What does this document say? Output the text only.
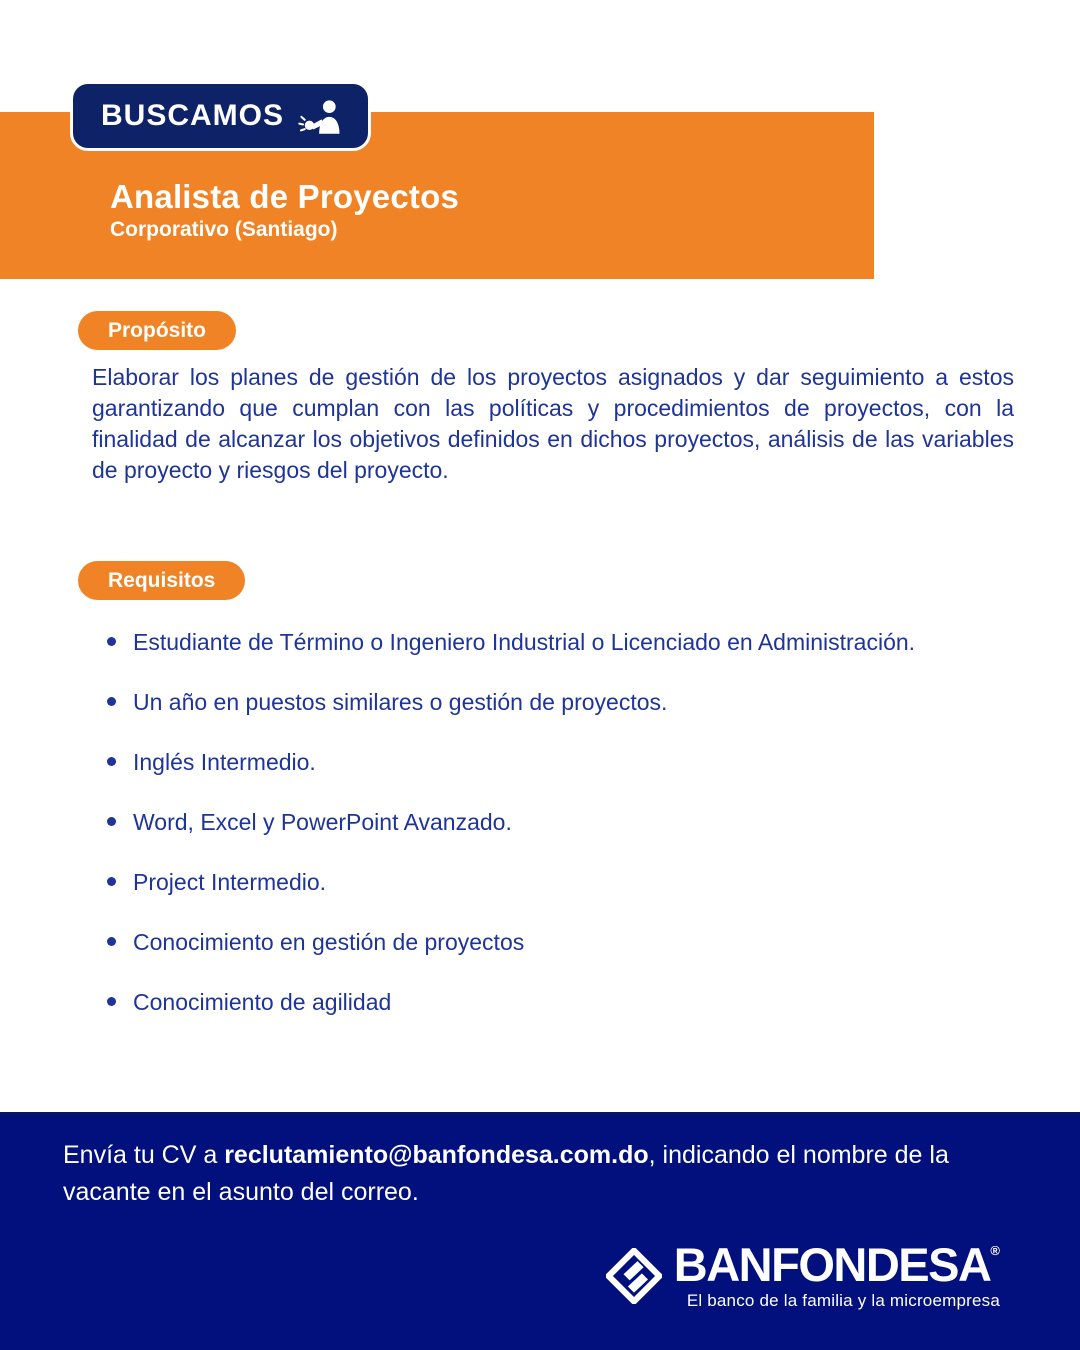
Analista de Proyectos
Corporativo (Santiago)
BUSCAMOS
Propósito

Elaborar los planes de gestión de los proyectos asignados y dar seguimiento a estos garantizando que cumplan con las políticas y procedimientos de proyectos, con la finalidad de alcanzar los objetivos definidos en dichos proyectos, análisis de las variables de proyecto y riesgos del proyecto.

Requisitos
Estudiante de Término o Ingeniero Industrial o Licenciado en Administración.
Un año en puestos similares o gestión de proyectos.
Inglés Intermedio.
Word, Excel y PowerPoint Avanzado.
Project Intermedio.
Conocimiento en gestión de proyectos
Conocimiento de agilidad

Envía tu CV a reclutamiento@banfondesa.com.do, indicando el nombre de la vacante en el asunto del correo.

BANFONDESA®
El banco de la familia y la microempresa
